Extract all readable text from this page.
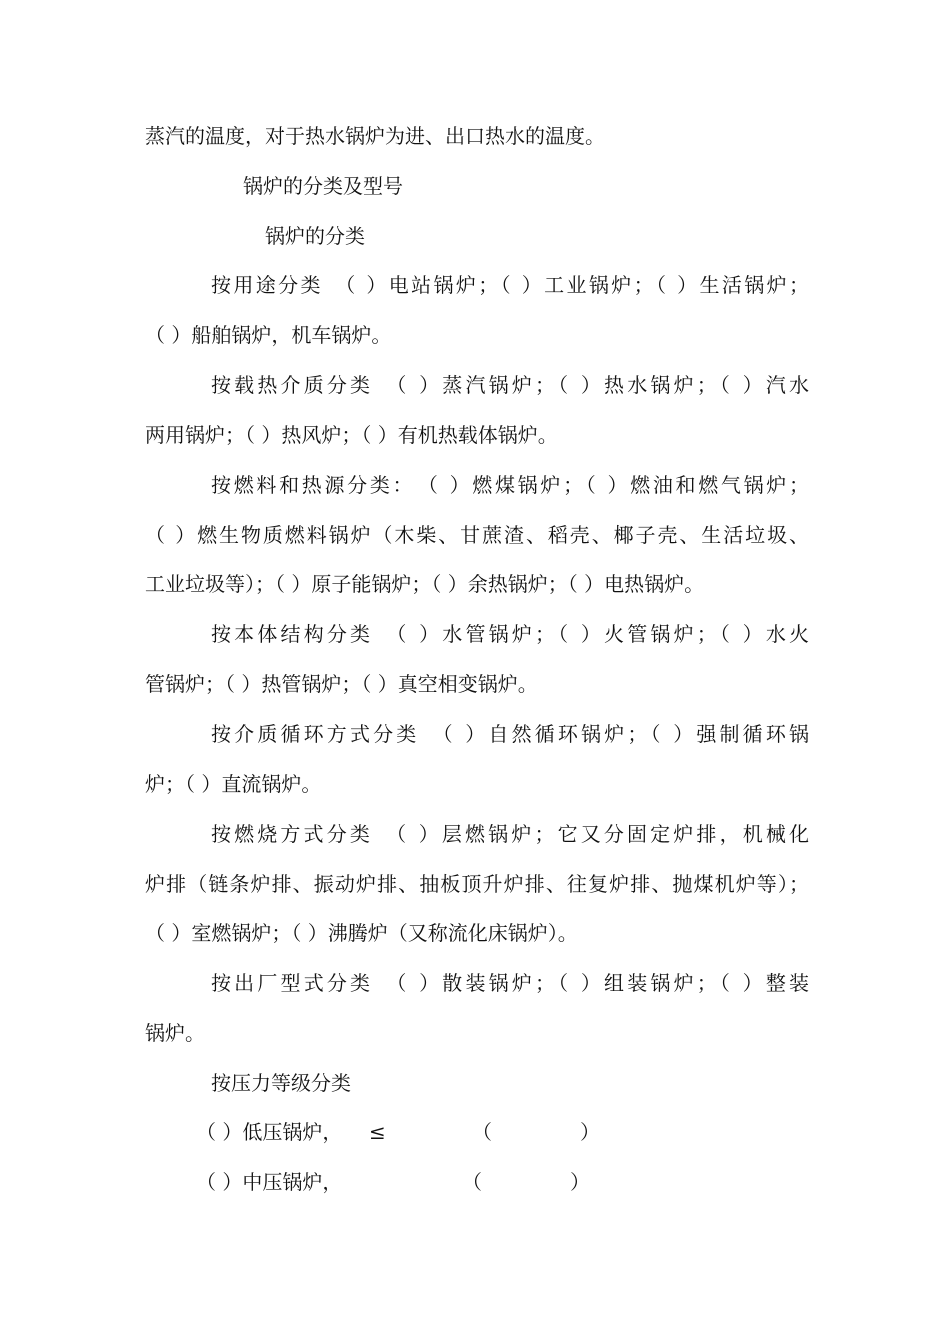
蒸汽的温度，对于热水锅炉为进、出口热水的温度。
锅炉的分类及型号
锅炉的分类
按用途分类　（ ）电站锅炉；（ ）工业锅炉；（ ）生活锅炉；
（ ）船舶锅炉，机车锅炉。
按载热介质分类　（ ）蒸汽锅炉；（ ）热水锅炉；（ ）汽水
两用锅炉；（ ）热风炉；（ ）有机热载体锅炉。
按燃料和热源分类：　（ ）燃煤锅炉；（ ）燃油和燃气锅炉；
（ ）燃生物质燃料锅炉（木柴、甘蔗渣、稻壳、椰子壳、生活垃圾、
工业垃圾等）；（ ）原子能锅炉；（ ）余热锅炉；（ ）电热锅炉。
按本体结构分类　（ ）水管锅炉；（ ）火管锅炉；（ ）水火
管锅炉；（ ）热管锅炉；（ ）真空相变锅炉。
按介质循环方式分类　（ ）自然循环锅炉；（ ）强制循环锅
炉；（ ）直流锅炉。
按燃烧方式分类　（ ）层燃锅炉；它又分固定炉排，机械化
炉排（链条炉排、振动炉排、抽板顶升炉排、往复炉排、抛煤机炉等）；
（ ）室燃锅炉；（ ）沸腾炉（又称流化床锅炉）。
按出厂型式分类　（ ）散装锅炉；（ ）组装锅炉；（ ）整装
锅炉。
按压力等级分类
（ ）低压锅炉， ≤	（	）
（ ）中压锅炉，	（	）
